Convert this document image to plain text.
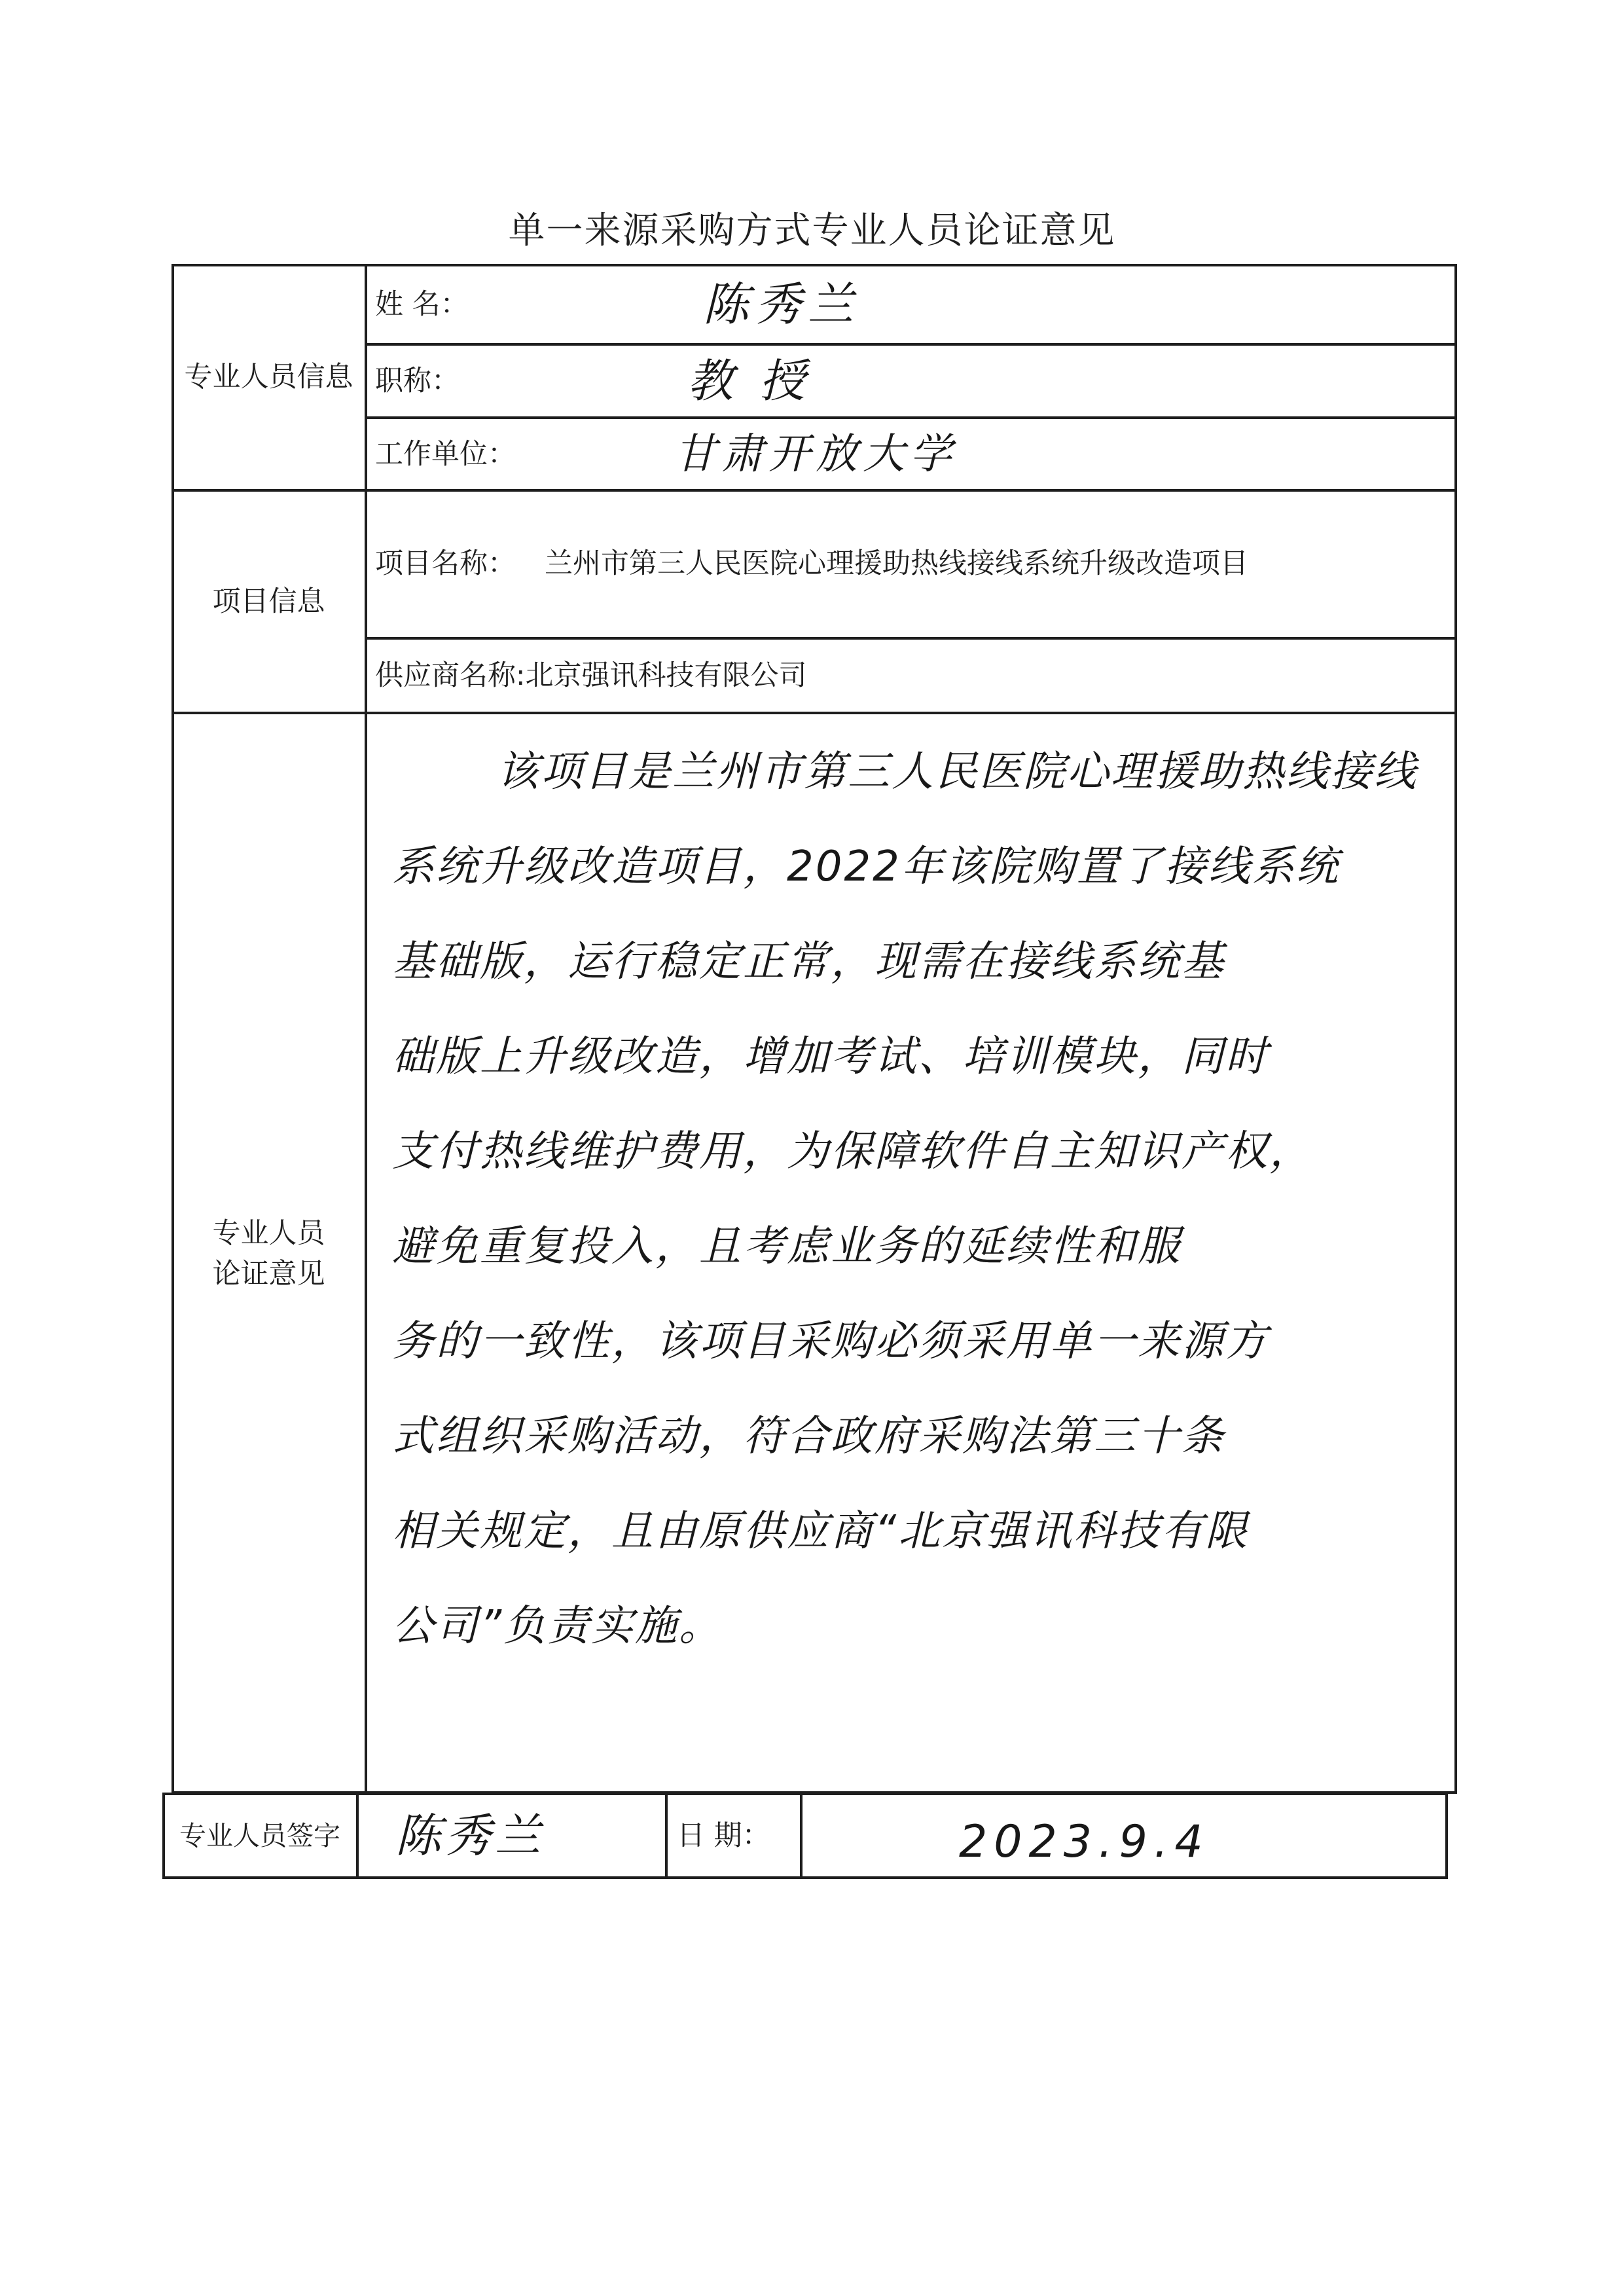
单一来源采购方式专业人员论证意见
专业人员信息
姓 名：	陈秀兰
职称：	教授
工作单位：	甘肃开放大学
项目信息
项目名称： 兰州市第三人民医院心理援助热线接线系统升级改造项目
供应商名称: 北京强讯科技有限公司
专业人员
论证意见
该项目是兰州市第三人民医院心理援助热线接线
系统升级改造项目，2022年该院购置了接线系统
基础版，运行稳定正常，现需在接线系统基
础版上升级改造，增加考试、培训模块，同时
支付热线维护费用，为保障软件自主知识产权，
避免重复投入，且考虑业务的延续性和服
务的一致性，该项目采购必须采用单一来源方
式组织采购活动，符合政府采购法第三十条
相关规定，且由原供应商“北京强讯科技有限
公司”负责实施。
专业人员签字	陈秀兰	日 期：	2023.9.4
